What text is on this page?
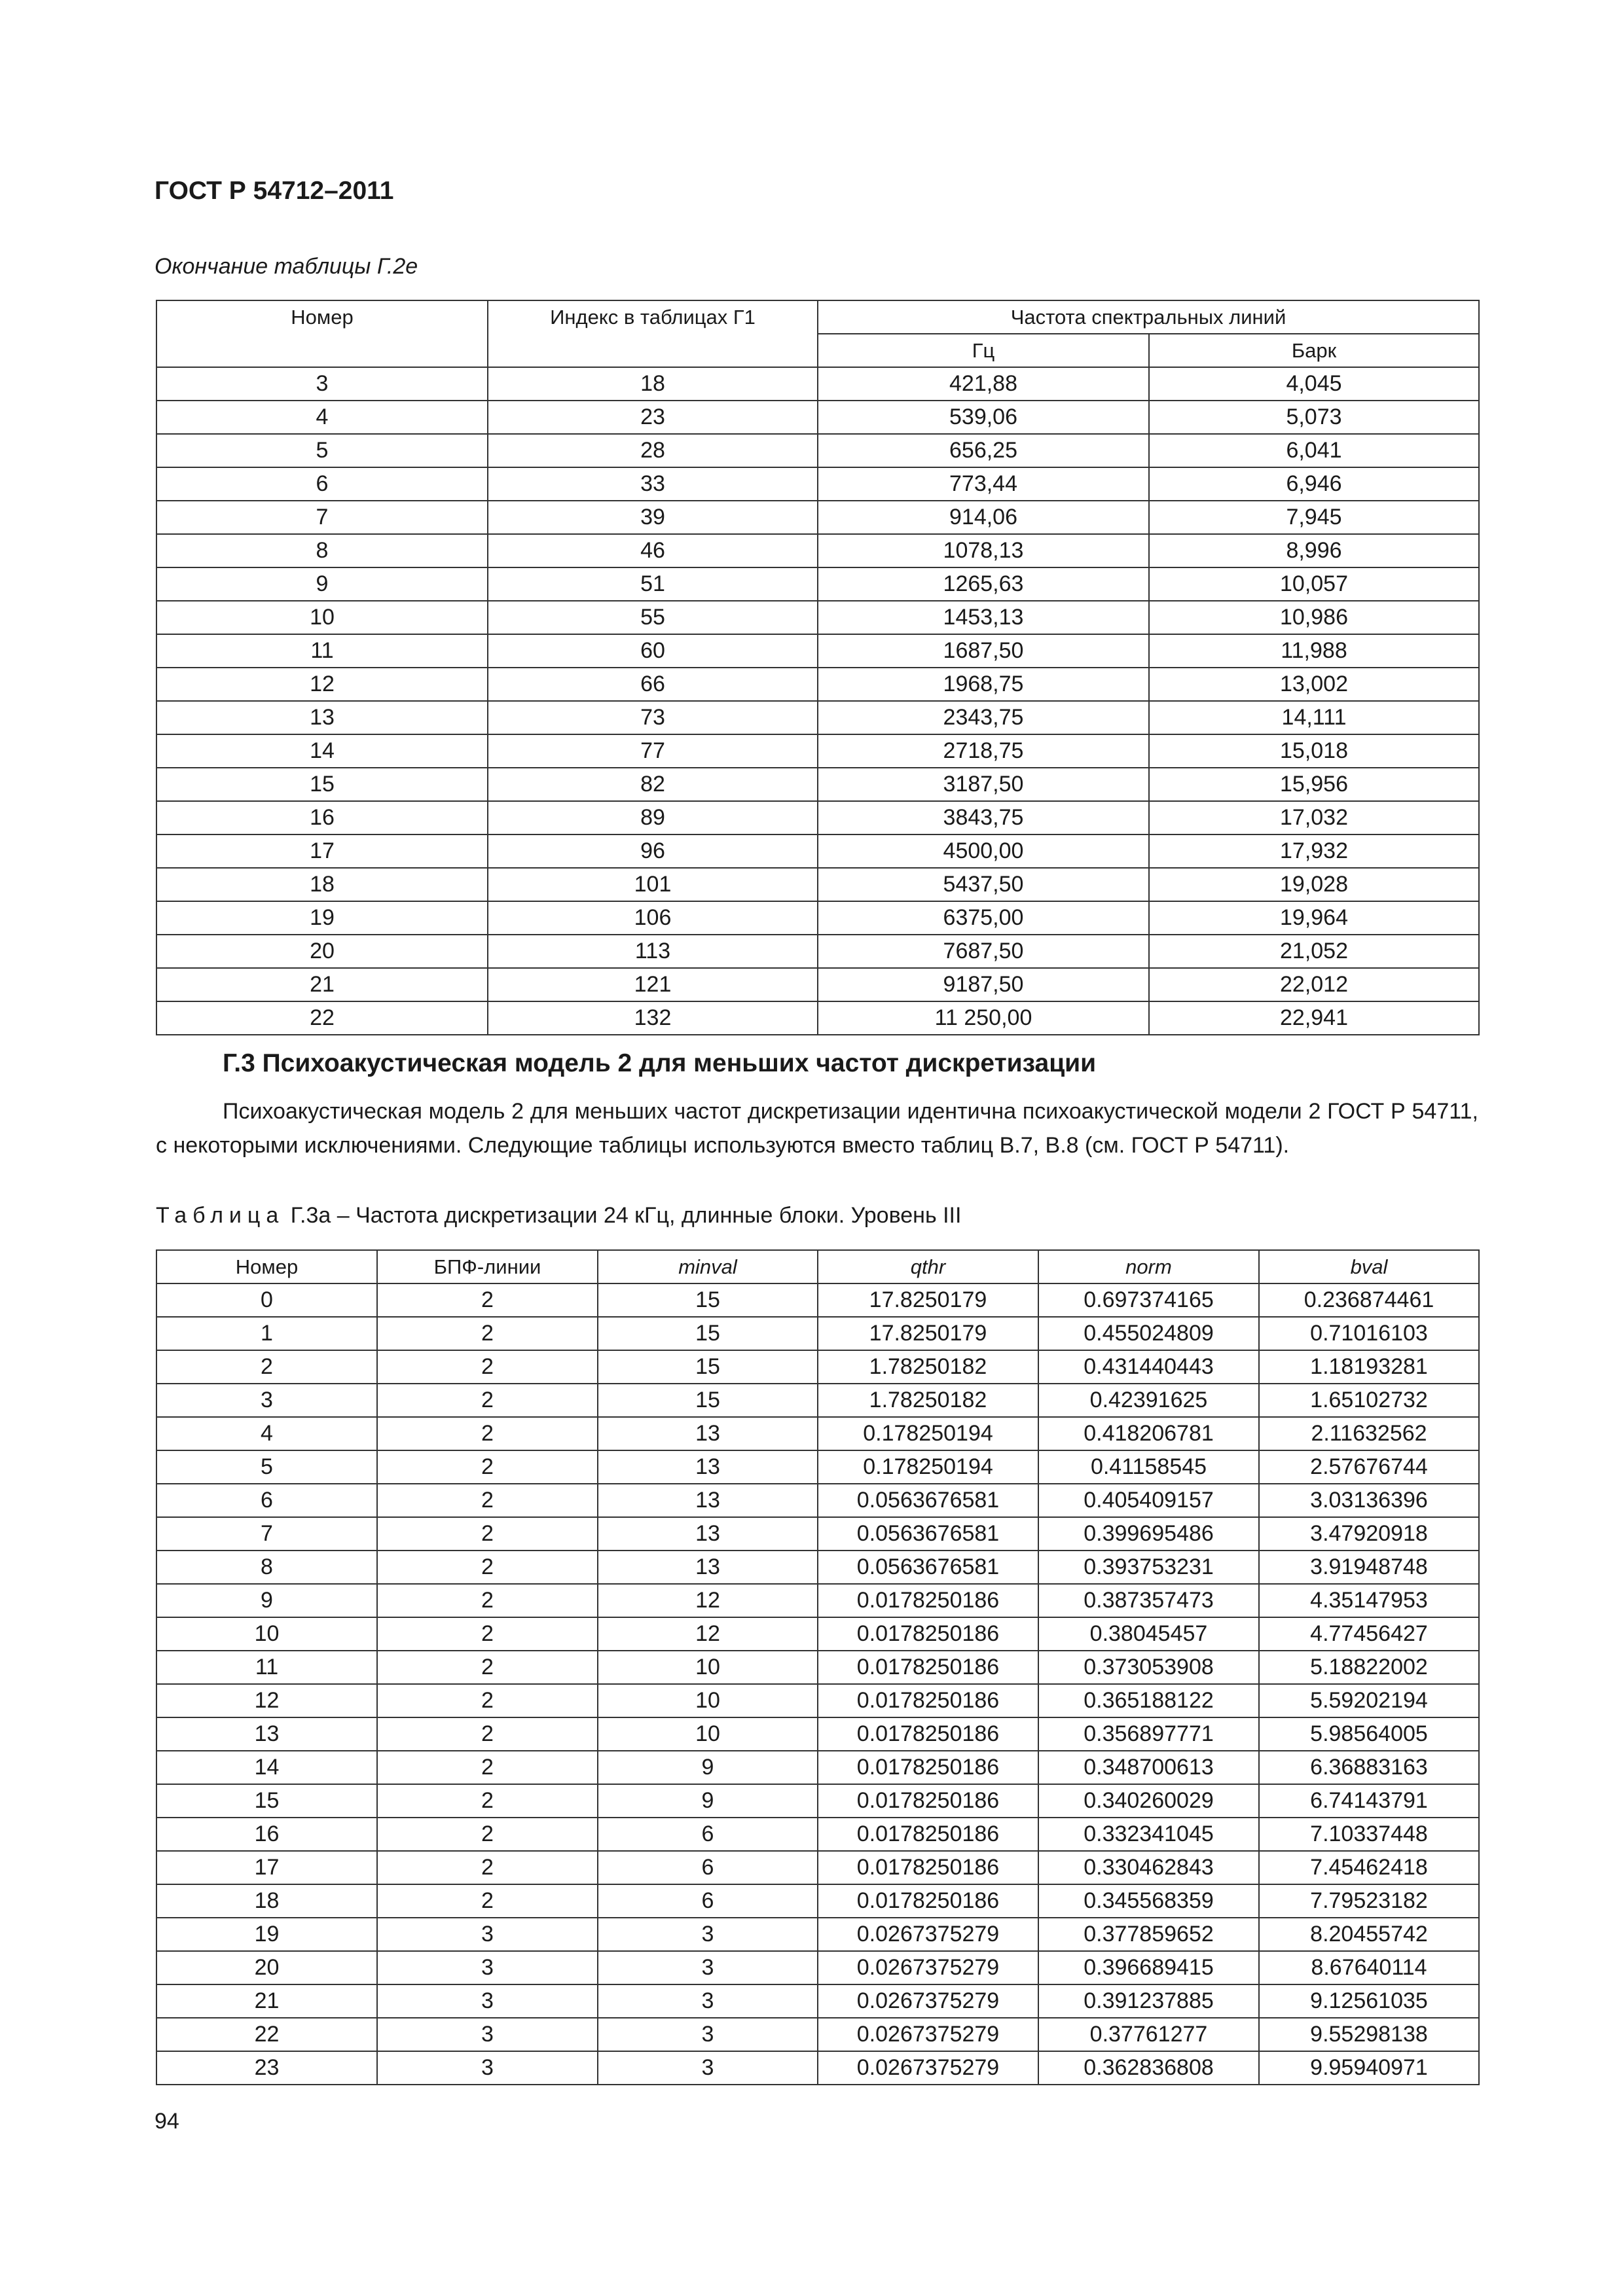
ГОСТ Р 54712–2011

Окончание таблицы Г.2е

Номер	Индекс в таблицах Г1	Частота спектральных линий	
		Гц	Барк
3	18	421,88	4,045
4	23	539,06	5,073
5	28	656,25	6,041
6	33	773,44	6,946
7	39	914,06	7,945
8	46	1078,13	8,996
9	51	1265,63	10,057
10	55	1453,13	10,986
11	60	1687,50	11,988
12	66	1968,75	13,002
13	73	2343,75	14,111
14	77	2718,75	15,018
15	82	3187,50	15,956
16	89	3843,75	17,032
17	96	4500,00	17,932
18	101	5437,50	19,028
19	106	6375,00	19,964
20	113	7687,50	21,052
21	121	9187,50	22,012
22	132	11 250,00	22,941

Г.3 Психоакустическая модель 2 для меньших частот дискретизации

Психоакустическая модель 2 для меньших частот дискретизации идентична психоакустической модели 2 ГОСТ Р 54711, с некоторыми исключениями. Следующие таблицы используются вместо таблиц В.7, В.8 (см. ГОСТ Р 54711).

Таблица Г.3а – Частота дискретизации 24 кГц, длинные блоки. Уровень III

Номер	БПФ-линии	minval	qthr	norm	bval
0	2	15	17.8250179	0.697374165	0.236874461
1	2	15	17.8250179	0.455024809	0.71016103
2	2	15	1.78250182	0.431440443	1.18193281
3	2	15	1.78250182	0.42391625	1.65102732
4	2	13	0.178250194	0.418206781	2.11632562
5	2	13	0.178250194	0.41158545	2.57676744
6	2	13	0.0563676581	0.405409157	3.03136396
7	2	13	0.0563676581	0.399695486	3.47920918
8	2	13	0.0563676581	0.393753231	3.91948748
9	2	12	0.0178250186	0.387357473	4.35147953
10	2	12	0.0178250186	0.38045457	4.77456427
11	2	10	0.0178250186	0.373053908	5.18822002
12	2	10	0.0178250186	0.365188122	5.59202194
13	2	10	0.0178250186	0.356897771	5.98564005
14	2	9	0.0178250186	0.348700613	6.36883163
15	2	9	0.0178250186	0.340260029	6.74143791
16	2	6	0.0178250186	0.332341045	7.10337448
17	2	6	0.0178250186	0.330462843	7.45462418
18	2	6	0.0178250186	0.345568359	7.79523182
19	3	3	0.0267375279	0.377859652	8.20455742
20	3	3	0.0267375279	0.396689415	8.67640114
21	3	3	0.0267375279	0.391237885	9.12561035
22	3	3	0.0267375279	0.37761277	9.55298138
23	3	3	0.0267375279	0.362836808	9.95940971

94
